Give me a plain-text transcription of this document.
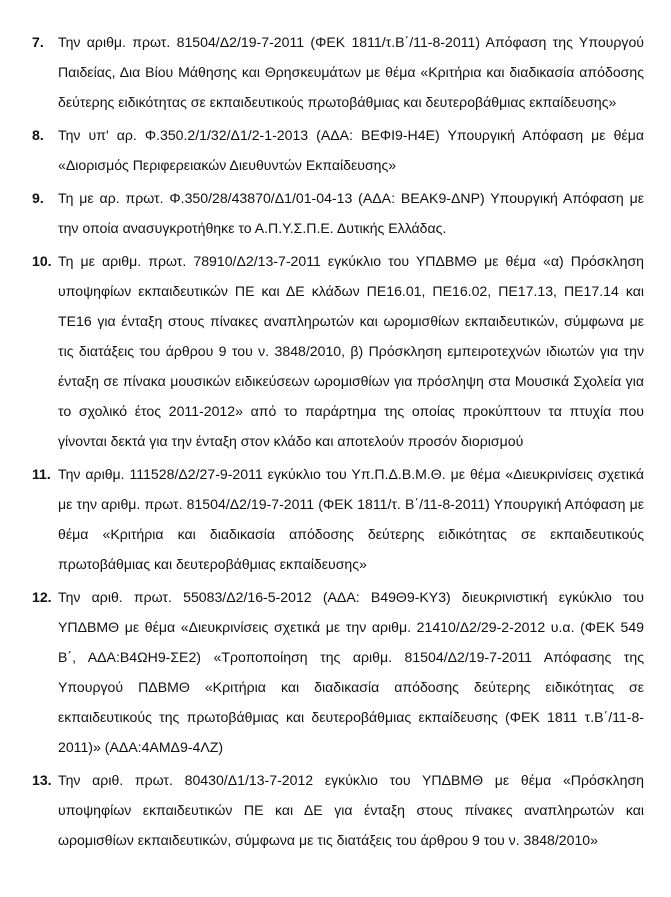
7. Την αριθμ. πρωτ. 81504/Δ2/19-7-2011 (ΦΕΚ 1811/τ.Β΄/11-8-2011) Απόφαση της Υπουργού Παιδείας, Δια Βίου Μάθησης και Θρησκευμάτων με θέμα «Κριτήρια και διαδικασία απόδοσης δεύτερης ειδικότητας σε εκπαιδευτικούς πρωτοβάθμιας και δευτεροβάθμιας εκπαίδευσης»
8. Την υπ' αρ. Φ.350.2/1/32/Δ1/2-1-2013 (ΑΔΑ: ΒΕΦΙ9-Η4Ε) Υπουργική Απόφαση με θέμα «Διορισμός Περιφερειακών Διευθυντών Εκπαίδευσης»
9. Τη με αρ. πρωτ. Φ.350/28/43870/Δ1/01-04-13 (ΑΔΑ: ΒΕΑΚ9-ΔΝΡ) Υπουργική Απόφαση με την οποία ανασυγκροτήθηκε το Α.Π.Υ.Σ.Π.Ε. Δυτικής Ελλάδας.
10. Τη με αριθμ. πρωτ. 78910/Δ2/13-7-2011 εγκύκλιο του ΥΠΔΒΜΘ με θέμα «α) Πρόσκληση υποψηφίων εκπαιδευτικών ΠΕ και ΔΕ κλάδων ΠΕ16.01, ΠΕ16.02, ΠΕ17.13, ΠΕ17.14 και ΤΕ16 για ένταξη στους πίνακες αναπληρωτών και ωρομισθίων εκπαιδευτικών, σύμφωνα με τις διατάξεις του άρθρου 9 του ν. 3848/2010, β) Πρόσκληση εμπειροτεχνών ιδιωτών για την ένταξη σε πίνακα μουσικών ειδικεύσεων ωρομισθίων για πρόσληψη στα Μουσικά Σχολεία για το σχολικό έτος 2011-2012» από το παράρτημα της οποίας προκύπτουν τα πτυχία που γίνονται δεκτά για την ένταξη στον κλάδο και αποτελούν προσόν διορισμού
11. Την αριθμ. 111528/Δ2/27-9-2011 εγκύκλιο του Υπ.Π.Δ.Β.Μ.Θ. με θέμα «Διευκρινίσεις σχετικά με την αριθμ. πρωτ. 81504/Δ2/19-7-2011 (ΦΕΚ 1811/τ. Β΄/11-8-2011) Υπουργική Απόφαση με θέμα «Κριτήρια και διαδικασία απόδοσης δεύτερης ειδικότητας σε εκπαιδευτικούς πρωτοβάθμιας και δευτεροβάθμιας εκπαίδευσης»
12. Την αριθ. πρωτ. 55083/Δ2/16-5-2012 (ΑΔΑ: Β49Θ9-ΚΥ3) διευκρινιστική εγκύκλιο του ΥΠΔΒΜΘ με θέμα «Διευκρινίσεις σχετικά με την αριθμ. 21410/Δ2/29-2-2012 υ.α. (ΦΕΚ 549 Β΄, ΑΔΑ:Β4ΩΗ9-ΣΕ2) «Τροποποίηση της αριθμ. 81504/Δ2/19-7-2011 Απόφασης της Υπουργού ΠΔΒΜΘ «Κριτήρια και διαδικασία απόδοσης δεύτερης ειδικότητας σε εκπαιδευτικούς της πρωτοβάθμιας και δευτεροβάθμιας εκπαίδευσης (ΦΕΚ 1811 τ.Β΄/11-8-2011)» (ΑΔΑ:4ΑΜΔ9-4ΛΖ)
13. Την αριθ. πρωτ. 80430/Δ1/13-7-2012 εγκύκλιο του ΥΠΔΒΜΘ με θέμα «Πρόσκληση υποψηφίων εκπαιδευτικών ΠΕ και ΔΕ για ένταξη στους πίνακες αναπληρωτών και ωρομισθίων εκπαιδευτικών, σύμφωνα με τις διατάξεις του άρθρου 9 του ν. 3848/2010»
